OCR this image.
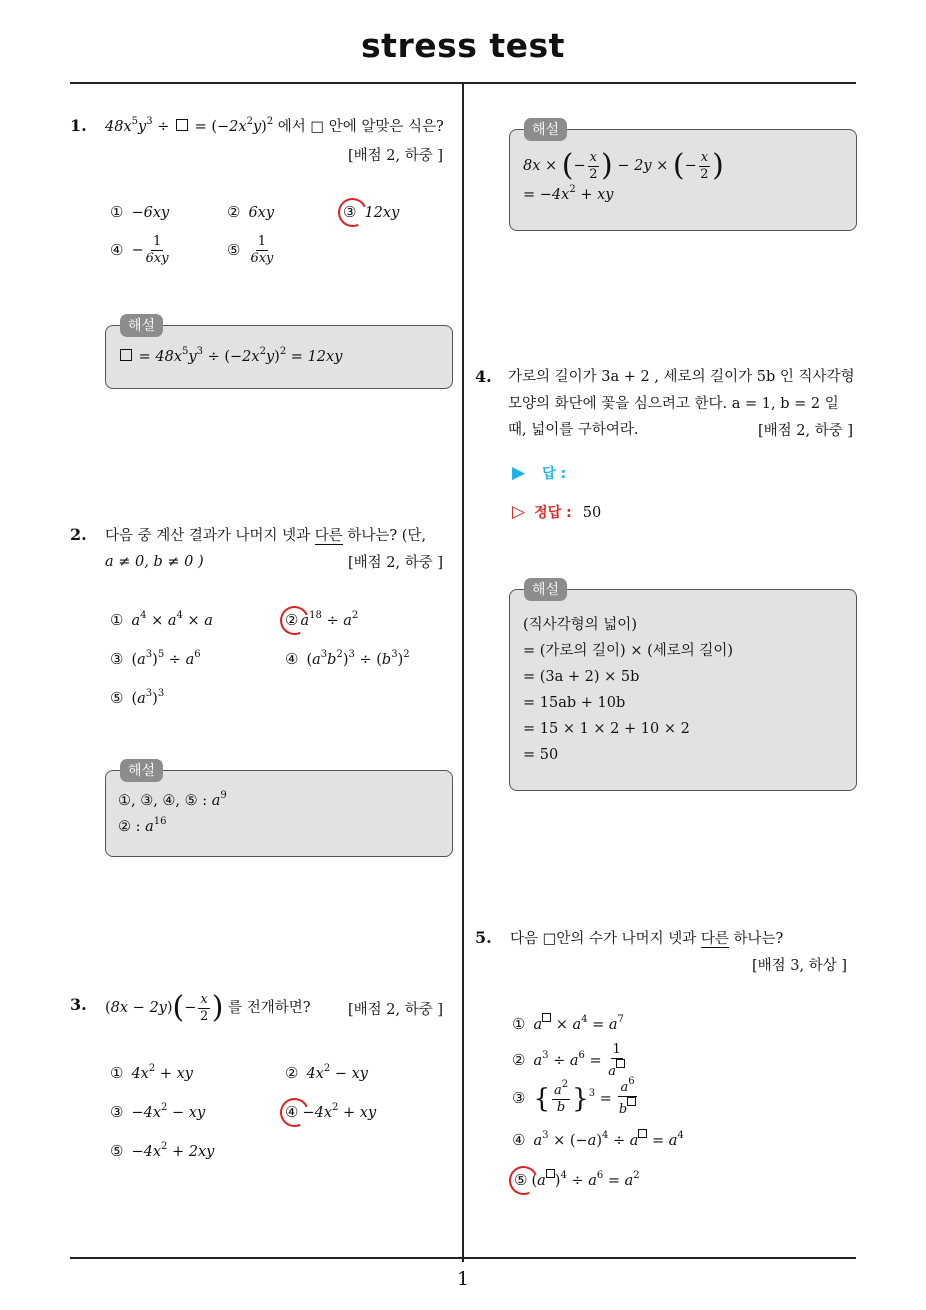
stress test
1
1. $48x^5y^3$ ÷  = $(-2x^2y)^2$ 에서 □ 안에 알맞은 식은?
[배점 2, 하중 ]
① −6xy	② 6xy	③ 12xy
④ − $\frac{1}{6xy}$	⑤ $\frac{1}{6xy}$
해설
= $48x^5y^3 \div (-2x^2y)^2 = 12xy$
2. 다음 중 계산 결과가 나머지 넷과 다른 하나는? (단,
a ≠ 0, b ≠ 0 )	[배점 2, 하중 ]
① $a^4 \times a^4 \times a$	② $a^{18} \div a^2$
③ $(a^3)^5 \div a^6$	④ $(a^3b^2)^3 \div (b^3)^2$
⑤ $(a^3)^3$
해설
①, ③, ④, ⑤ : $a^9$
② : $a^{16}$
3. $(8x - 2y)(- \frac{x}{2}$ ) 를 전개하면?	[배점 2, 하중 ]
① $4x^2$ + xy	② $4x^2$ − xy
③ $-4x^2$ − xy	④ $-4x^2$ + xy
⑤ $-4x^2 + 2xy$
해설
8x × (− $\frac{x}{2}$ ) − 2y × (− $\frac{x}{2}$ )
= $-4x^2$ + xy
4. 가로의 길이가 3a + 2 , 세로의 길이가 5b 인 직사각형
모양의 화단에 꽃을 심으려고 한다. a = 1, b = 2 일
때, 넓이를 구하여라.	[배점 2, 하중 ]
▶ 답 :
▷ 정답 : 50
해설
(직사각형의 넓이)
= (가로의 길이) × (세로의 길이)
= (3a + 2) × 5b
= 15ab + 10b
= 15 × 1 × 2 + 10 × 2
= 50
5. 다음 □안의 수가 나머지 넷과 다른 하나는?
[배점 3, 하상 ]
① $a \times a^4 = a^7$
② $a^3 \div a^6 = \frac{1}{a}$
③ { $\frac{a^2}{b} \}^3 = \frac{a^6}{b}$
④ $a^3 \times (-a)^4 \div a = a^4$
⑤ (a )$^4 \div a^6 = a^2$
